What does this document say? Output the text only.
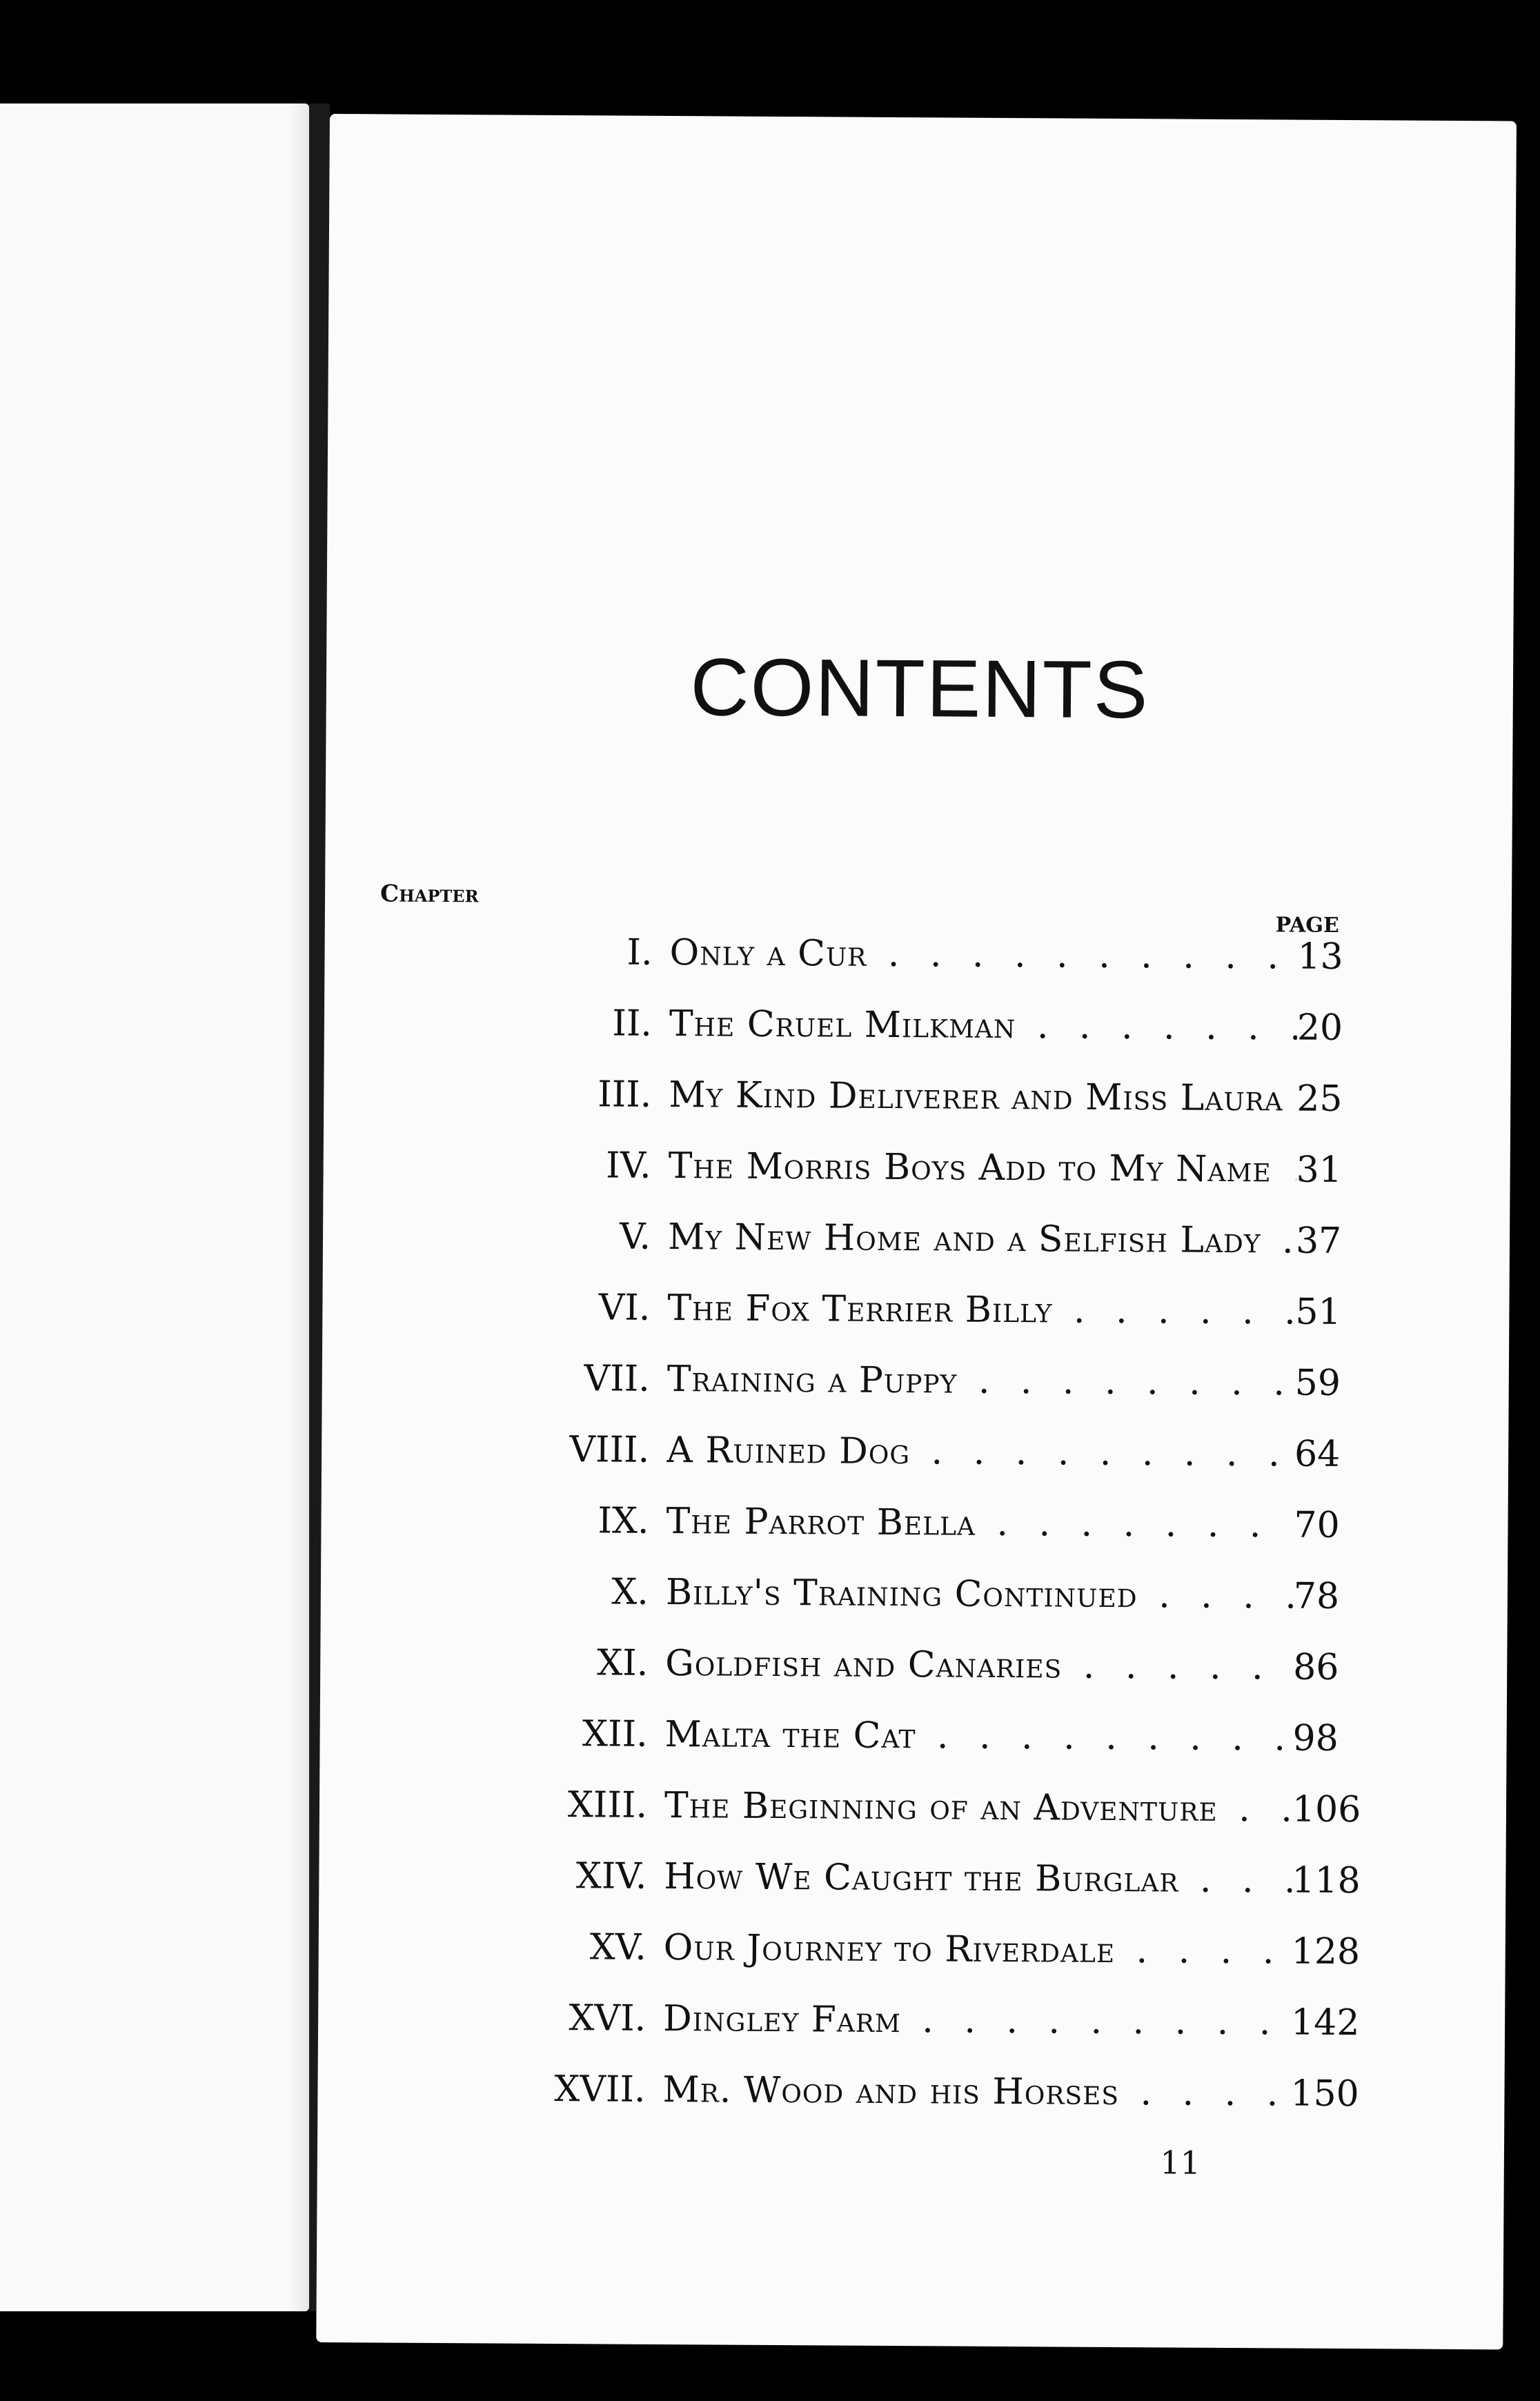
CONTENTS
Chapter
PAGE
I. Only a Cur . . .	13
II. The Cruel Milkman . . .	20
III. My Kind Deliverer and Miss Laura . . . 25
IV. The Morris Boys Add to My Name . . . 31
V. My New Home and a Selfish Lady . . . 37
VI. The Fox Terrier Billy . . .	51
VII. Training a Puppy . . .	59
VIII. A Ruined Dog . . .	64
IX. The Parrot Bella . . .	70
X. Billy's Training Continued . . .	78
XI. Goldfish and Canaries . . .	86
XII. Malta the Cat . . .	98
XIII. The Beginning of an Adventure . . .	106
XIV. How We Caught the Burglar . . .	118
XV. Our Journey to Riverdale . . .	128
XVI. Dingley Farm . . .	142
XVII. Mr. Wood and his Horses . . .	150
11
